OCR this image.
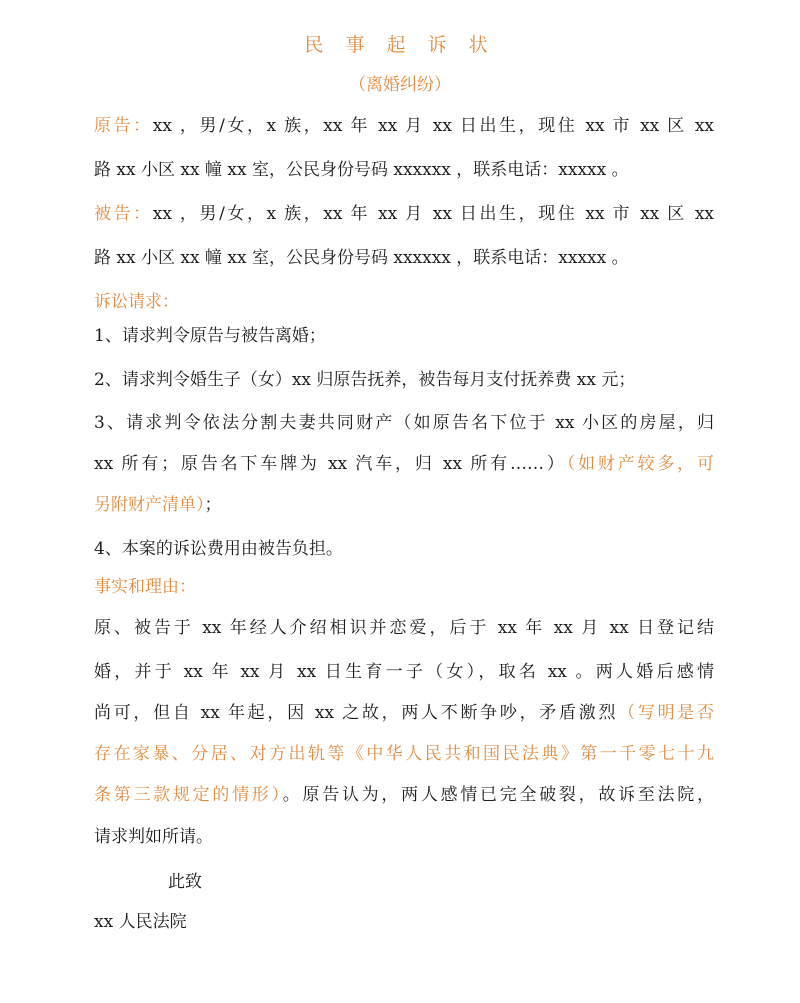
民 事 起 诉 状
（离婚纠纷）
原告：xx ，男/女，x 族，xx 年 xx 月 xx 日出生，现住 xx 市 xx 区 xx
路 xx 小区 xx 幢 xx 室，公民身份号码 xxxxxx ，联系电话：xxxxx 。
被告：xx ，男/女，x 族，xx 年 xx 月 xx 日出生，现住 xx 市 xx 区 xx
路 xx 小区 xx 幢 xx 室，公民身份号码 xxxxxx ，联系电话：xxxxx 。
诉讼请求：
1、请求判令原告与被告离婚；
2、请求判令婚生子（女）xx 归原告抚养，被告每月支付抚养费 xx 元；
3、请求判令依法分割夫妻共同财产（如原告名下位于 xx 小区的房屋，归
xx 所有；原告名下车牌为 xx 汽车，归 xx 所有……）（如财产较多，可
另附财产清单）；
4、本案的诉讼费用由被告负担。
事实和理由：
原、被告于 xx 年经人介绍相识并恋爱，后于 xx 年 xx 月 xx 日登记结
婚，并于 xx 年 xx 月 xx 日生育一子（女），取名 xx 。两人婚后感情
尚可，但自 xx 年起，因 xx 之故，两人不断争吵，矛盾激烈（写明是否
存在家暴、分居、对方出轨等《中华人民共和国民法典》第一千零七十九
条第三款规定的情形）。原告认为，两人感情已完全破裂，故诉至法院，
请求判如所请。
此致
xx 人民法院
